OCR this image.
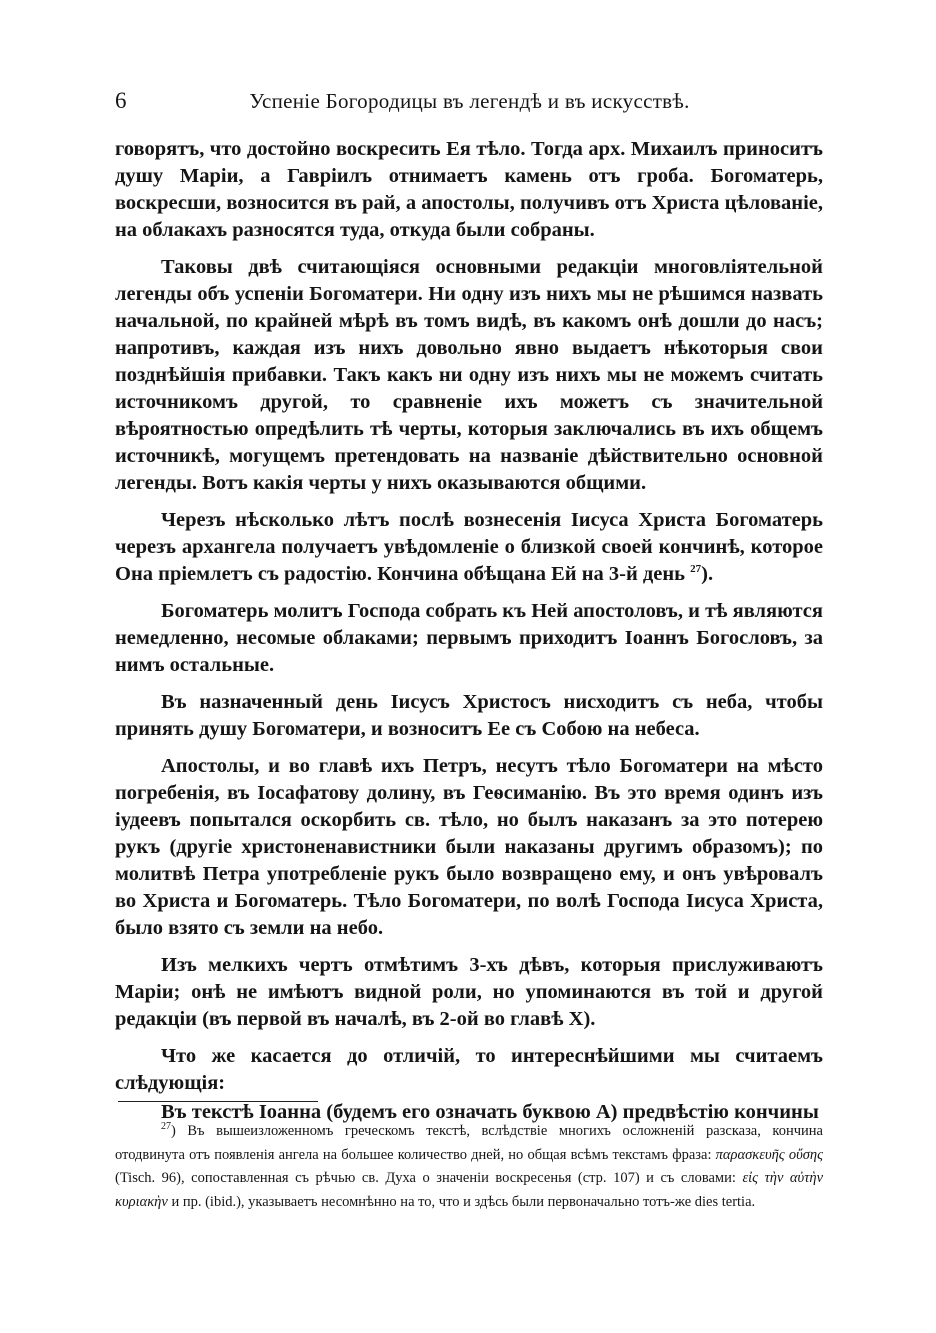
6	Успеніе Богородицы въ легендѣ и въ искусствѣ.

говорятъ, что достойно воскресить Ея тѣло. Тогда арх. Михаилъ приноситъ душу Маріи, а Гавріилъ отнимаетъ камень отъ гроба. Богоматерь, воскресши, возносится въ рай, а апостолы, получивъ отъ Христа цѣлованіе, на облакахъ разносятся туда, откуда были собраны.

Таковы двѣ считающіяся основными редакціи многовліятельной легенды объ успеніи Богоматери. Ни одну изъ нихъ мы не рѣшимся назвать начальной, по крайней мѣрѣ въ томъ видѣ, въ какомъ онѣ дошли до насъ; напротивъ, каждая изъ нихъ довольно явно выдаетъ нѣкоторыя свои позднѣйшія прибавки. Такъ какъ ни одну изъ нихъ мы не можемъ считать источникомъ другой, то сравненіе ихъ можетъ съ значительной вѣроятностью опредѣлить тѣ черты, которыя заключались въ ихъ общемъ источникѣ, могущемъ претендовать на названіе дѣйствительно основной легенды. Вотъ какія черты у нихъ оказываются общими.

Черезъ нѣсколько лѣтъ послѣ вознесенія Іисуса Христа Богоматерь черезъ архангела получаетъ увѣдомленіе о близкой своей кончинѣ, которое Она пріемлетъ съ радостію. Кончина обѣщана Ей на 3-й день $^{27}$).

Богоматерь молитъ Господа собрать къ Ней апостоловъ, и тѣ являются немедленно, несомые облаками; первымъ приходитъ Іоаннъ Богословъ, за нимъ остальные.

Въ назначенный день Іисусъ Христосъ нисходитъ съ неба, чтобы принять душу Богоматери, и возноситъ Ее съ Собою на небеса.

Апостолы, и во главѣ ихъ Петръ, несутъ тѣло Богоматери на мѣсто погребенія, въ Іосафатову долину, въ Геѳсиманію. Въ это время одинъ изъ іудеевъ попытался оскорбить св. тѣло, но былъ наказанъ за это потерею рукъ (другіе христоненавистники были наказаны другимъ образомъ); по молитвѣ Петра употребленіе рукъ было возвращено ему, и онъ увѣровалъ во Христа и Богоматерь. Тѣло Богоматери, по волѣ Господа Іисуса Христа, было взято съ земли на небо.

Изъ мелкихъ чертъ отмѣтимъ 3-хъ дѣвъ, которыя прислуживаютъ Маріи; онѣ не имѣютъ видной роли, но упоминаются въ той и другой редакціи (въ первой въ началѣ, въ 2-ой во главѣ X).

Что же касается до отличій, то интереснѣйшими мы считаемъ слѣдующія:

Въ текстѣ Іоанна (будемъ его означать буквою А) предвѣстію кончины

$^{27}$) Въ вышеизложенномъ греческомъ текстѣ, вслѣдствіе многихъ осложненій разсказа, кончина отодвинута отъ появленія ангела на большее количество дней, но общая всѣмъ текстамъ фраза: παρασκευῆς οὔσης (Tisch. 96), сопоставленная съ рѣчью св. Духа о значеніи воскресенья (стр. 107) и съ словами: εἰς τὴν αὐτὴν κυριακὴν и пр. (ibid.), указываетъ несомнѣнно на то, что и здѣсь были первоначально тотъ-же dies tertia.
